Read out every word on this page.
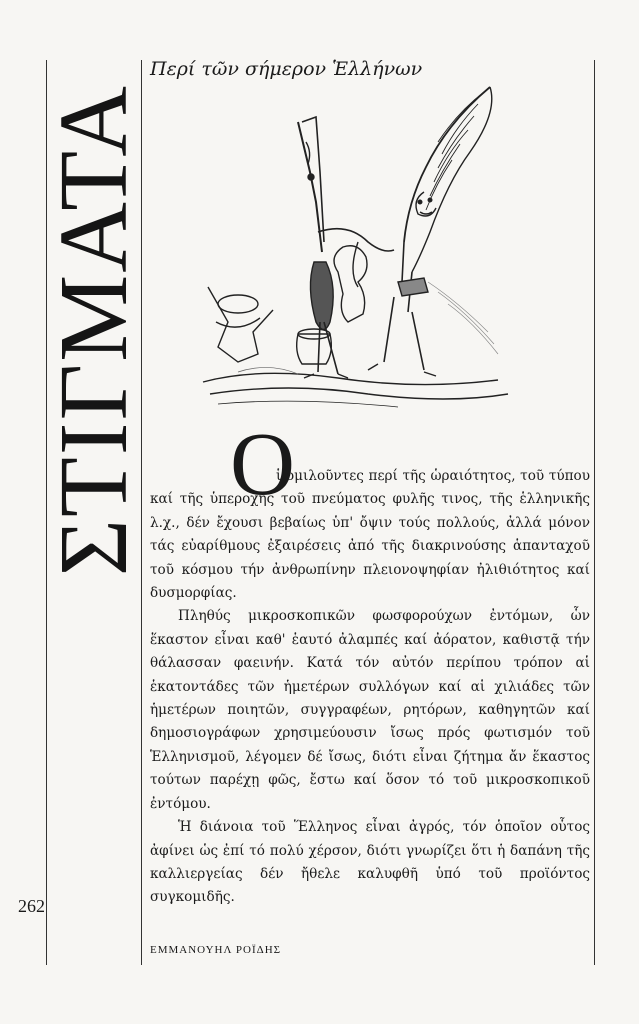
ΣΤΙΓΜΑΤΑ
Περί τῶν σήμερον Ἑλλήνων
Ο

ἱ ὁμιλοῦντες περί τῆς ὡραιότητος, τοῦ τύπου καί τῆς ὑπεροχῆς τοῦ πνεύματος φυλῆς τινος, τῆς ἑλληνικῆς λ.χ., δέν ἔχουσι βεβαίως ὑπ' ὄψιν τούς πολλούς, ἀλλά μόνον τάς εὐαρίθμους ἐξαιρέσεις ἀπό τῆς διακρινούσης ἁπανταχοῦ τοῦ κόσμου τήν ἀνθρωπίνην πλειονοψηφίαν ἠλιθιότητος καί δυσμορφίας.

Πληθύς μικροσκοπικῶν φωσφορούχων ἐντόμων, ὧν ἕκαστον εἶναι καθ' ἑαυτό ἀλαμπές καί ἀόρατον, καθιστᾷ τήν θάλασσαν φαεινήν. Κατά τόν αὐτόν περίπου τρόπον αἱ ἑκατοντάδες τῶν ἡμετέρων συλλόγων καί αἱ χιλιάδες τῶν ἡμετέρων ποιητῶν, συγγραφέων, ρητόρων, καθηγητῶν καί δημοσιογράφων χρησιμεύουσιν ἴσως πρός φωτισμόν τοῦ Ἑλληνισμοῦ, λέγομεν δέ ἴσως, διότι εἶναι ζήτημα ἄν ἕκαστος τούτων παρέχῃ φῶς, ἔστω καί ὅσον τό τοῦ μικροσκοπικοῦ ἐντόμου.

Ἡ διάνοια τοῦ Ἕλληνος εἶναι ἀγρός, τόν ὁποῖον οὗτος ἀφίνει ὡς ἐπί τό πολύ χέρσον, διότι γνωρίζει ὅτι ἡ δαπάνη τῆς καλλιεργείας δέν ἤθελε καλυφθῆ ὑπό τοῦ προϊόντος συγκομιδῆς.

262
ΕΜΜΑΝΟΥΗΛ ΡΟΪΔΗΣ
